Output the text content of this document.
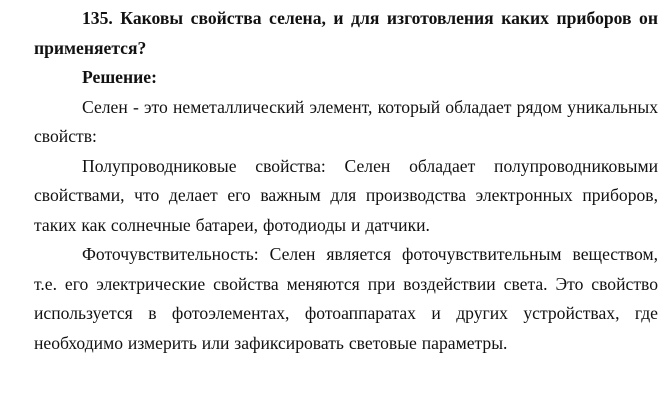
135. Каковы свойства селена, и для изготовления каких приборов он применяется?

Решение:

Селен - это неметаллический элемент, который обладает рядом уникальных свойств:

Полупроводниковые свойства: Селен обладает полупроводниковыми свойствами, что делает его важным для производства электронных приборов, таких как солнечные батареи, фотодиоды и датчики.

Фоточувствительность: Селен является фоточувствительным веществом, т.е. его электрические свойства меняются при воздействии света. Это свойство используется в фотоэлементах, фотоаппаратах и других устройствах, где необходимо измерить или зафиксировать световые параметры.
